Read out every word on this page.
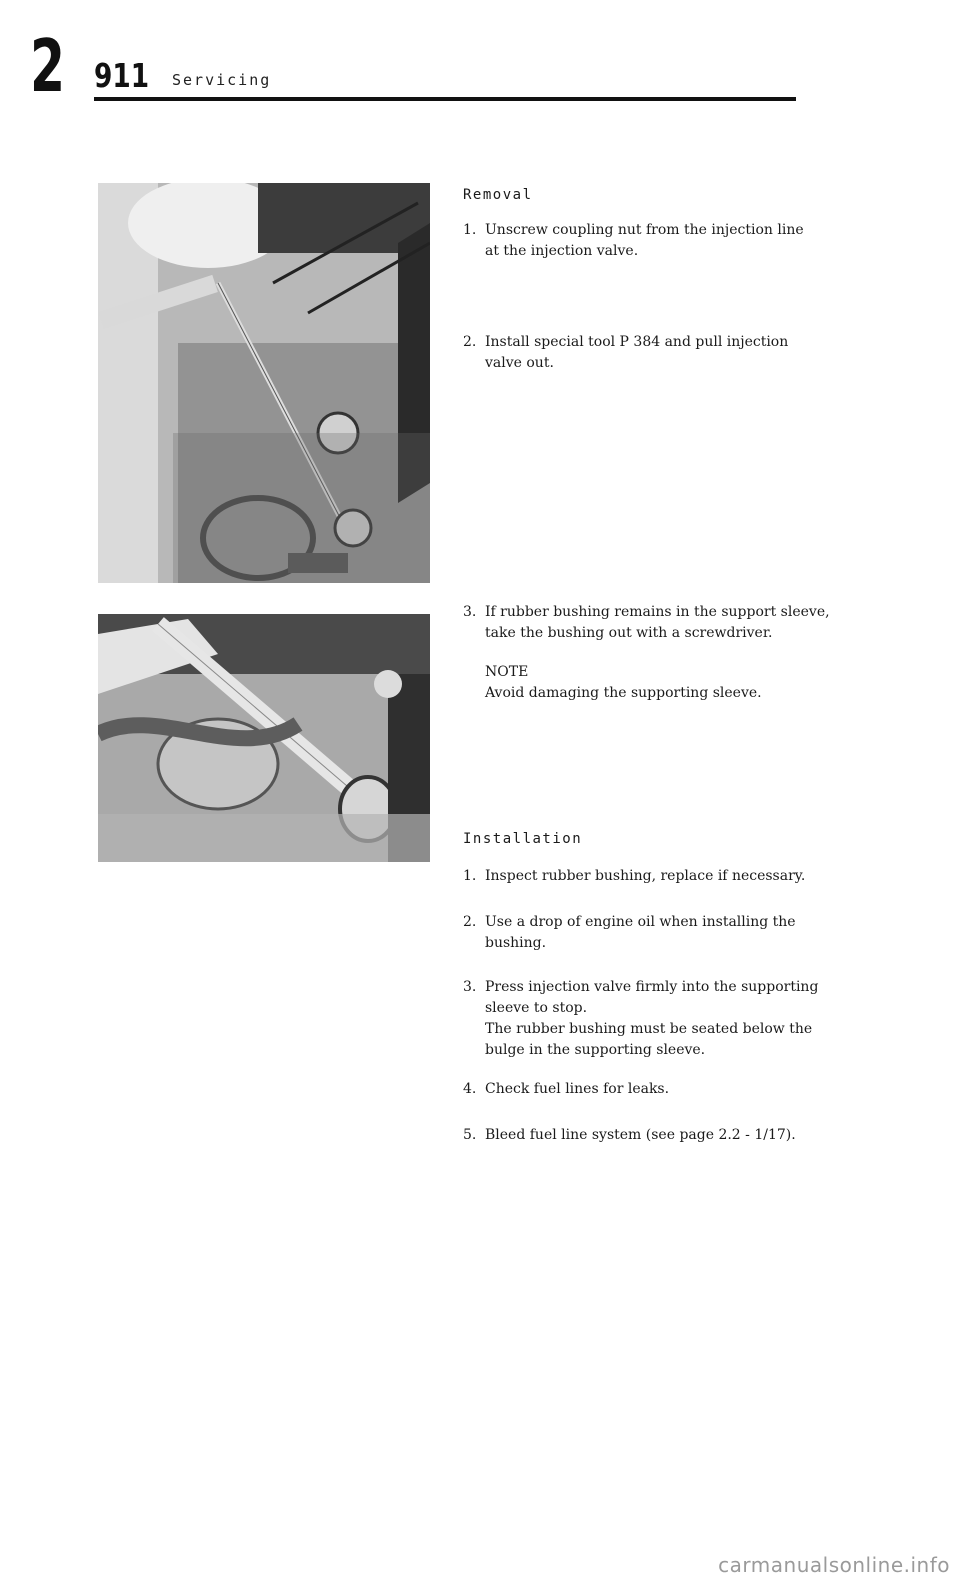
2 911 Servicing
Removal
1. Unscrew coupling nut from the injection line
at the injection valve.
2. Install special tool P 384 and pull injection
valve out.
3. If rubber bushing remains in the support sleeve,
take the bushing out with a screwdriver.
NOTE
Avoid damaging the supporting sleeve.
Installation
1. Inspect rubber bushing, replace if necessary.
2. Use a drop of engine oil when installing the
bushing.
3. Press injection valve firmly into the supporting
sleeve to stop.
The rubber bushing must be seated below the
bulge in the supporting sleeve.
4. Check fuel lines for leaks.
5. Bleed fuel line system (see page 2.2 - 1/17).
carmanualsonline.info
